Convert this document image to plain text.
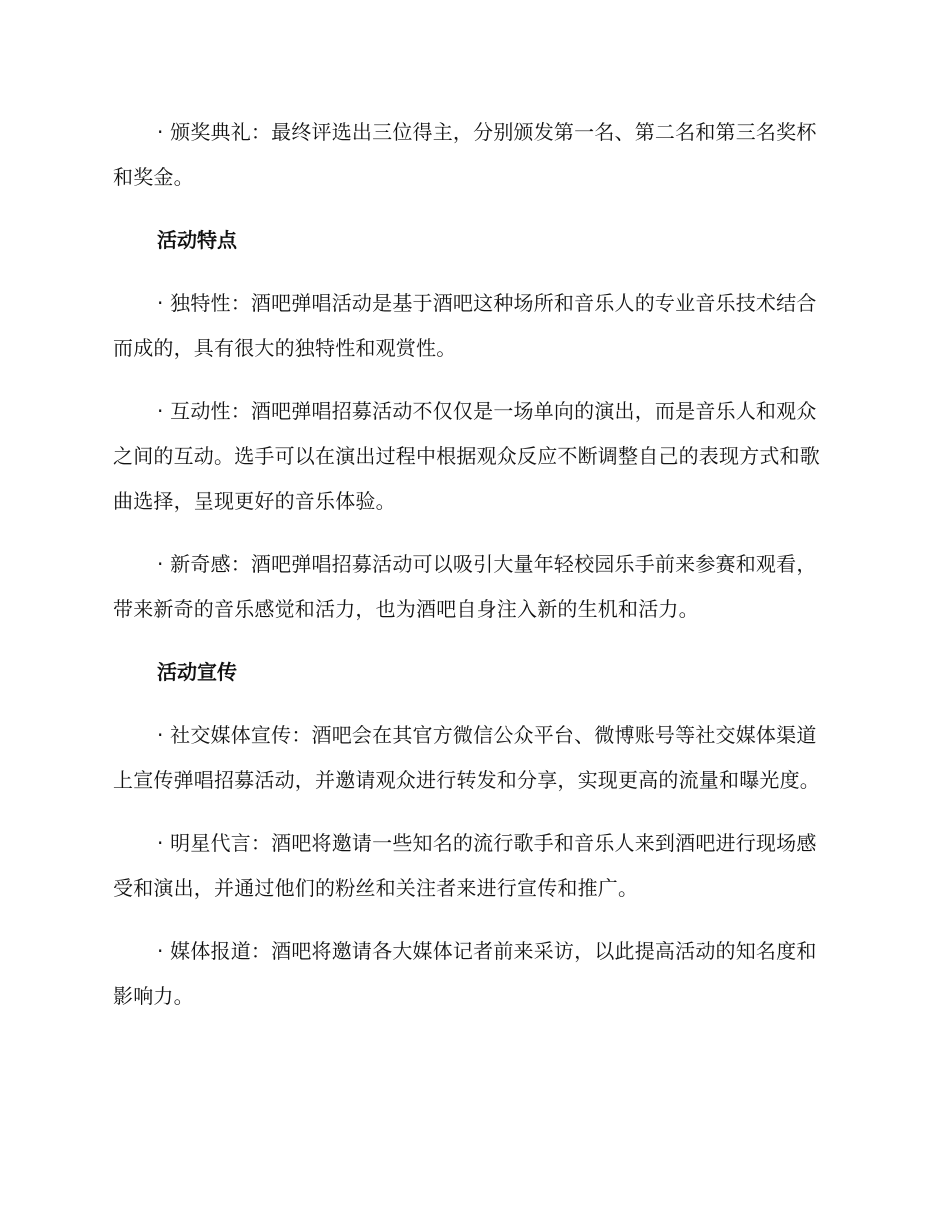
· 颁奖典礼：最终评选出三位得主，分别颁发第一名、第二名和第三名奖杯和奖金。

活动特点

· 独特性：酒吧弹唱活动是基于酒吧这种场所和音乐人的专业音乐技术结合而成的，具有很大的独特性和观赏性。

· 互动性：酒吧弹唱招募活动不仅仅是一场单向的演出，而是音乐人和观众之间的互动。选手可以在演出过程中根据观众反应不断调整自己的表现方式和歌曲选择，呈现更好的音乐体验。

· 新奇感：酒吧弹唱招募活动可以吸引大量年轻校园乐手前来参赛和观看，带来新奇的音乐感觉和活力，也为酒吧自身注入新的生机和活力。

活动宣传

· 社交媒体宣传：酒吧会在其官方微信公众平台、微博账号等社交媒体渠道上宣传弹唱招募活动，并邀请观众进行转发和分享，实现更高的流量和曝光度。

· 明星代言：酒吧将邀请一些知名的流行歌手和音乐人来到酒吧进行现场感受和演出，并通过他们的粉丝和关注者来进行宣传和推广。

· 媒体报道：酒吧将邀请各大媒体记者前来采访，以此提高活动的知名度和影响力。
